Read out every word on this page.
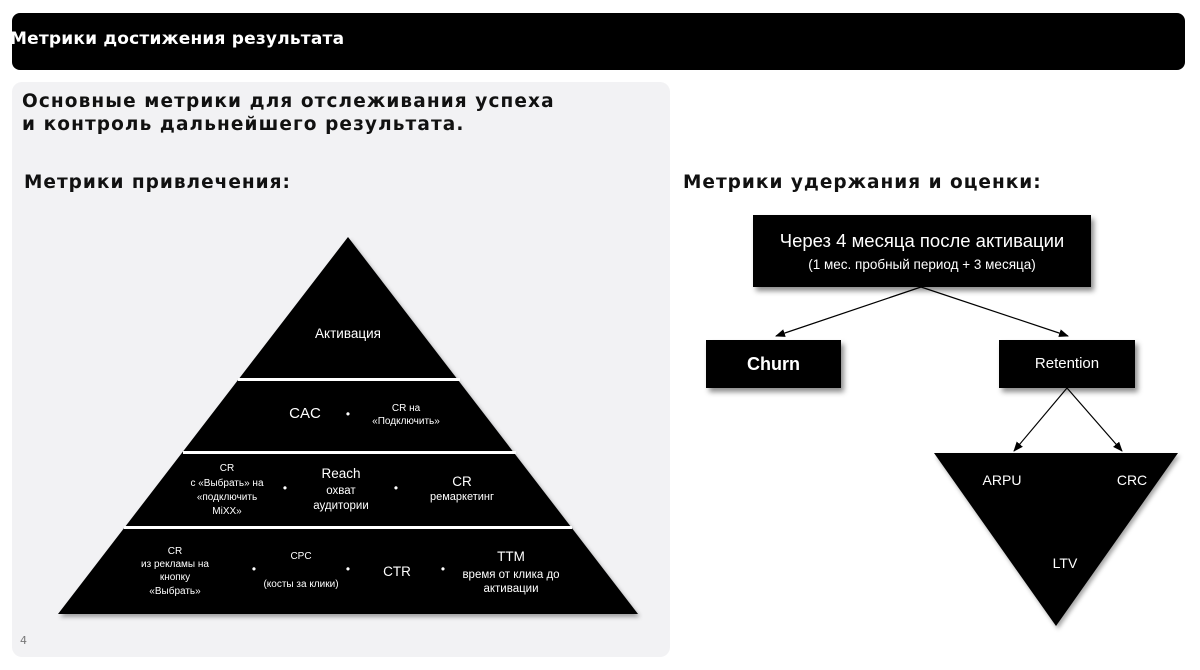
Метрики достижения результата
Основные метрики для отслеживания успеха
и контроль дальнейшего результата.
Метрики привлечения:	Метрики удержания и оценки:
Активация
CAC •	CR на
«Подключить»
CR
с «Выбрать» на
«подключить
MiXX»
•
Reach
охват
аудитории
•	CR
ремаркетинг
CR
из рекламы на
кнопку
«Выбрать»
•
CPC
(косты за клики)
• CTR	•
TTM
время от клика до
активации
ARPU	CRC
LTV
Через 4 месяца после активации
(1 мес. пробный период + 3 месяца)
Churn	Retention
4
